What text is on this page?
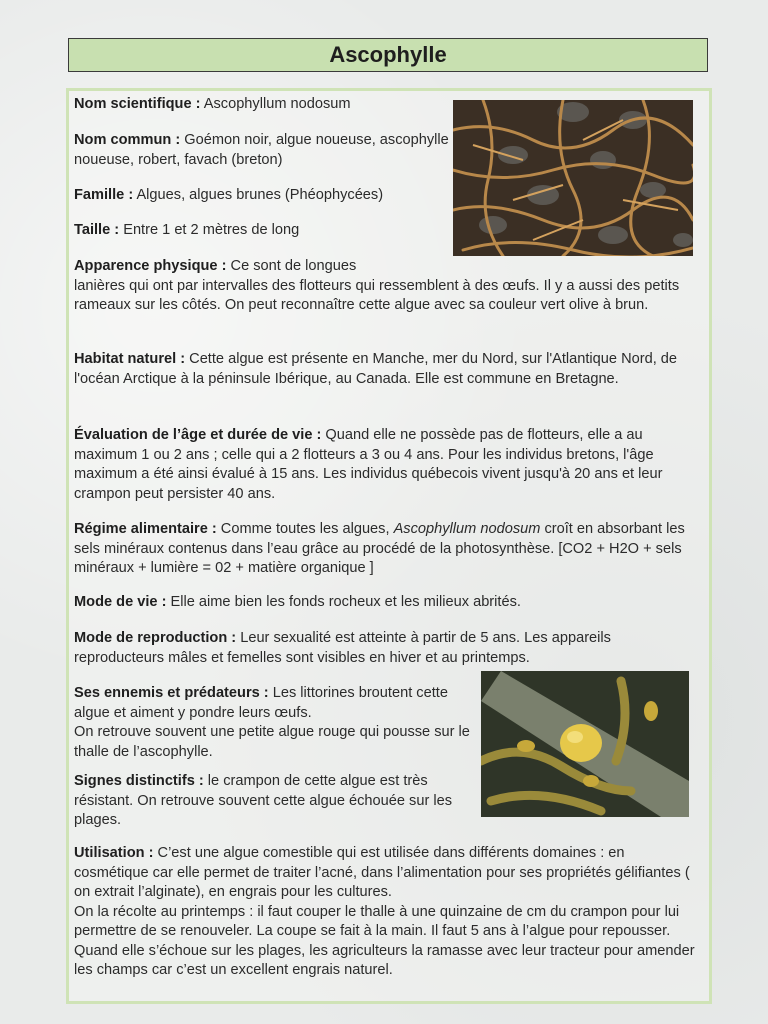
Ascophylle
Nom scientifique : Ascophyllum nodosum
Nom commun : Goémon noir, algue noueuse, ascophylle noueuse, robert, favach (breton)
Famille : Algues, algues brunes (Phéophycées)
Taille : Entre 1 et 2 mètres de long
Apparence physique : Ce sont de longues
lanières qui ont par intervalles des flotteurs qui ressemblent à des œufs. Il y a aussi des petits rameaux sur les côtés. On peut reconnaître cette algue avec sa couleur vert olive à brun.
Habitat naturel : Cette algue est présente en Manche, mer du Nord, sur l'Atlantique Nord, de l'océan Arctique à la péninsule Ibérique, au Canada. Elle est commune en Bretagne.
Évaluation de l’âge et durée de vie : Quand elle ne possède pas de flotteurs, elle a au maximum 1 ou 2 ans ; celle qui a 2 flotteurs a 3 ou 4 ans. Pour les individus bretons, l'âge maximum a été ainsi évalué à 15 ans. Les individus québecois vivent jusqu'à 20 ans et leur crampon peut persister 40 ans.
Régime alimentaire : Comme toutes les algues, Ascophyllum nodosum croît en absorbant les sels minéraux contenus dans l’eau grâce au procédé de la photosynthèse. [CO2 + H2O + sels minéraux + lumière = 02 + matière organique ]
Mode de vie : Elle aime bien les fonds rocheux et les milieux abrités.
Mode de reproduction : Leur sexualité est atteinte à partir de 5 ans. Les appareils reproducteurs mâles et femelles sont visibles en hiver et au printemps.
Ses ennemis et prédateurs : Les littorines broutent cette algue et aiment y pondre leurs œufs.
On retrouve souvent une petite algue rouge qui pousse sur le thalle de l’ascophylle.
Signes distinctifs : le crampon de cette algue est très résistant. On retrouve souvent cette algue échouée sur les plages.
Utilisation : C’est une algue comestible qui est utilisée dans différents domaines : en cosmétique car elle permet de traiter l’acné, dans l’alimentation pour ses propriétés gélifiantes ( on extrait l’alginate), en engrais pour les cultures.
On la récolte au printemps : il faut couper le thalle à une quinzaine de cm du crampon pour lui permettre de se renouveler. La coupe se fait à la main. Il faut 5 ans à l’algue pour repousser.
Quand elle s’échoue sur les plages, les agriculteurs la ramasse avec leur tracteur pour amender les champs car c’est un excellent engrais naturel.
